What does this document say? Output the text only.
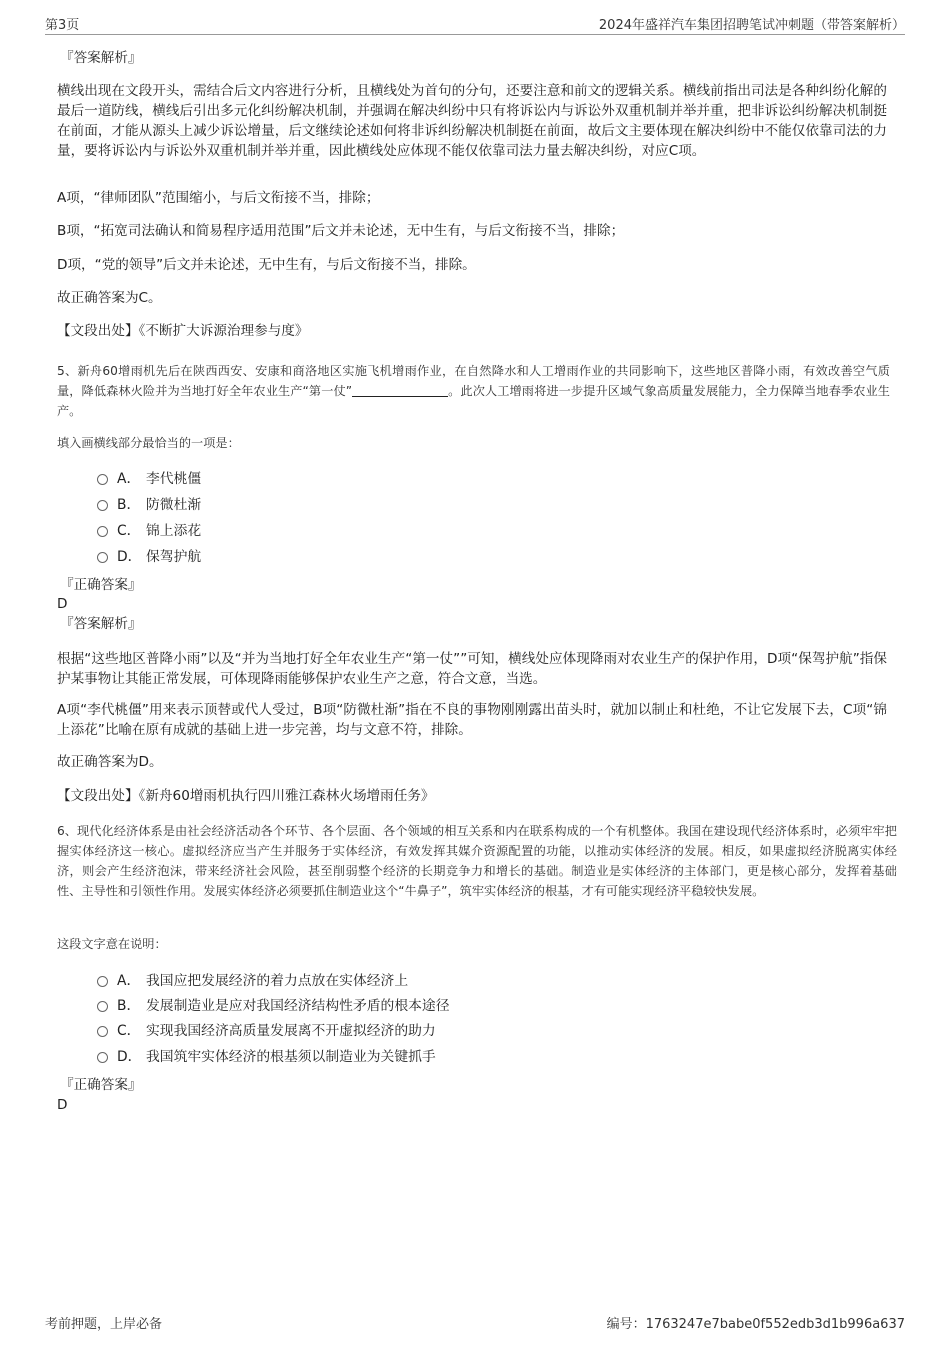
第3页	2024年盛祥汽车集团招聘笔试冲刺题（带答案解析）
『答案解析』
横线出现在文段开头，需结合后文内容进行分析，且横线处为首句的分句，还要注意和前文的逻辑关系。横线前指出司法是各种纠纷化解的最后一道防线，横线后引出多元化纠纷解决机制，并强调在解决纠纷中只有将诉讼内与诉讼外双重机制并举并重，把非诉讼纠纷解决机制挺在前面，才能从源头上减少诉讼增量，后文继续论述如何将非诉纠纷解决机制挺在前面，故后文主要体现在解决纠纷中不能仅依靠司法的力量，要将诉讼内与诉讼外双重机制并举并重，因此横线处应体现不能仅依靠司法力量去解决纠纷，对应C项。
A项，“律师团队”范围缩小，与后文衔接不当，排除；
B项，“拓宽司法确认和简易程序适用范围”后文并未论述，无中生有，与后文衔接不当，排除；
D项，“党的领导”后文并未论述，无中生有，与后文衔接不当，排除。
故正确答案为C。
【文段出处】《不断扩大诉源治理参与度》
5、新舟60增雨机先后在陕西西安、安康和商洛地区实施飞机增雨作业，在自然降水和人工增雨作业的共同影响下，这些地区普降小雨，有效改善空气质量，降低森林火险并为当地打好全年农业生产“第一仗”	。此次人工增雨将进一步提升区域气象高质量发展能力，全力保障当地春季农业生产。
填入画横线部分最恰当的一项是：
A． 李代桃僵
B． 防微杜渐
C． 锦上添花
D． 保驾护航
『正确答案』
D
『答案解析』
根据“这些地区普降小雨”以及“并为当地打好全年农业生产“第一仗””可知，横线处应体现降雨对农业生产的保护作用，D项“保驾护航”指保护某事物让其能正常发展，可体现降雨能够保护农业生产之意，符合文意，当选。
A项“李代桃僵”用来表示顶替或代人受过，B项“防微杜渐”指在不良的事物刚刚露出苗头时，就加以制止和杜绝，不让它发展下去，C项“锦上添花”比喻在原有成就的基础上进一步完善，均与文意不符，排除。
故正确答案为D。
【文段出处】《新舟60增雨机执行四川雅江森林火场增雨任务》
6、现代化经济体系是由社会经济活动各个环节、各个层面、各个领域的相互关系和内在联系构成的一个有机整体。我国在建设现代经济体系时，必须牢牢把握实体经济这一核心。虚拟经济应当产生并服务于实体经济，有效发挥其媒介资源配置的功能，以推动实体经济的发展。相反，如果虚拟经济脱离实体经济，则会产生经济泡沫，带来经济社会风险，甚至削弱整个经济的长期竞争力和增长的基础。制造业是实体经济的主体部门，更是核心部分，发挥着基础性、主导性和引领性作用。发展实体经济必须要抓住制造业这个“牛鼻子”，筑牢实体经济的根基，才有可能实现经济平稳较快发展。
这段文字意在说明：
A． 我国应把发展经济的着力点放在实体经济上
B． 发展制造业是应对我国经济结构性矛盾的根本途径
C． 实现我国经济高质量发展离不开虚拟经济的助力
D． 我国筑牢实体经济的根基须以制造业为关键抓手
『正确答案』
D
考前押题，上岸必备	编号：1763247e7babe0f552edb3d1b996a637
